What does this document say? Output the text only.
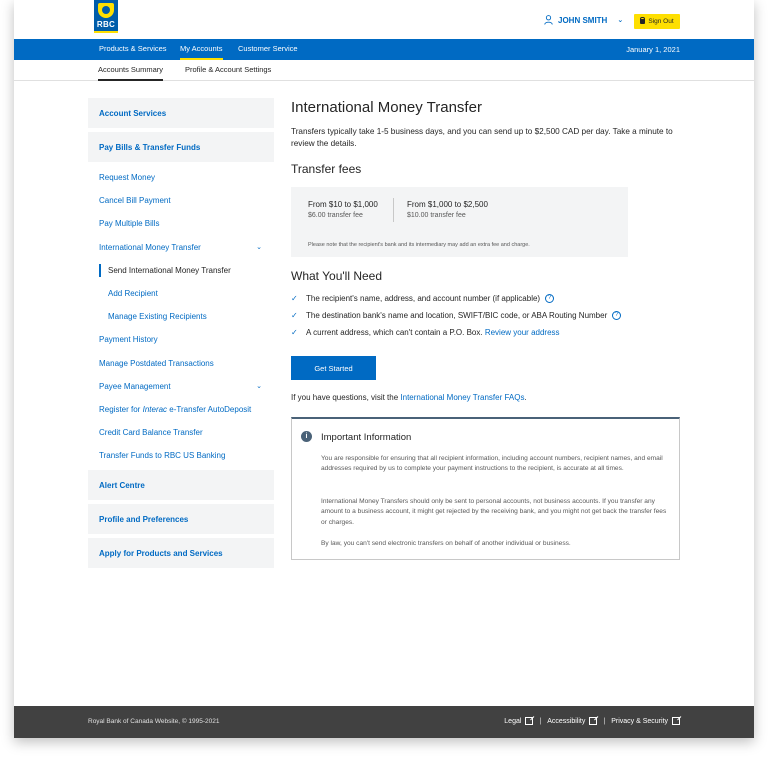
RBC	JOHN SMITH ⌄	Sign Out
Products & Services My Accounts Customer Service	January 1, 2021
Accounts Summary	Profile & Account Settings
Account Services
Pay Bills & Transfer Funds
Request Money
Cancel Bill Payment
Pay Multiple Bills
International Money Transfer	⌄
Send International Money Transfer
Add Recipient
Manage Existing Recipients
Payment History
Manage Postdated Transactions
Payee Management	⌄
Register for
Interac
e-Transfer AutoDeposit
Credit Card Balance Transfer
Transfer Funds to RBC US Banking
Alert Centre
Profile and Preferences
Apply for Products and Services
International Money Transfer
Transfers typically take 1-5 business days, and you can send up to $2,500 CAD per day. Take a minute to review the details.
Transfer fees
From $10 to $1,000
$6.00 transfer fee
From $1,000 to $2,500
$10.00 transfer fee
Please note that the recipient's bank and its intermediary may add an extra fee and charge.
What You'll Need
✓	The recipient's name, address, and account number (if applicable)	?
✓	The destination bank's name and location, SWIFT/BIC code, or ABA Routing Number	?
✓	A current address, which can't contain a P.O. Box.
Review your address
Get Started
If you have questions, visit the International Money Transfer FAQs.
i	Important Information
You are responsible for ensuring that all recipient information, including account numbers, recipient names, and email addresses required by us to complete your payment instructions to the recipient, is accurate at all times.
International Money Transfers should only be sent to personal accounts, not business accounts. If you transfer any amount to a business account, it might get rejected by the receiving bank, and you might not get back the transfer fees or charges.
By law, you can't send electronic transfers on behalf of another individual or business.
Royal Bank of Canada Website, © 1995-2021	Legal	| Accessibility	| Privacy & Security
